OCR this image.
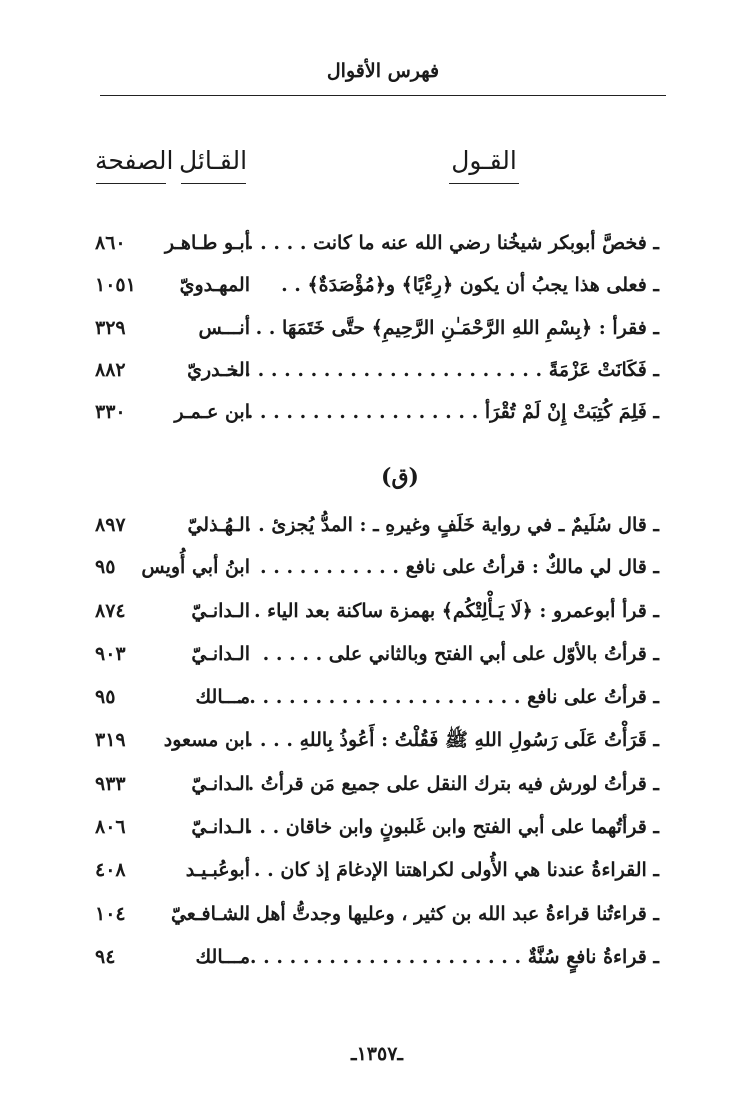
فهرس الأقوال
القـول
القـائل
الصفحة
ـ فخصَّ أبوبكر شيخُنا رضي الله عنه ما كانت . . . . .
أبـو طـاهـر
٨٦٠
ـ فعلى هذا يجبُ أن يكون ﴿رِءْيًا﴾ و﴿مُؤْصَدَةٌ﴾ . .
المهـدويّ
١٠٥١
ـ فقرأ : ﴿بِسْمِ اللهِ الرَّحْمَـٰنِ الرَّحِيمِ﴾ حتَّى خَتَمَهَا . .
أنـــس
٣٢٩
ـ فَكَانَتْ عَزْمَةً . . . . . . . . . . . . . . . . . . . . . . . .
الخـدريّ
٨٨٢
ـ فَلِمَ كُتِبَتْ إِنْ لَمْ تُقْرَأ . . . . . . . . . . . . . . . . . .
ابن عـمـر
٣٣٠
(ق)
ـ قال سُلَيمٌ ـ في رواية خَلَفٍ وغيرهِ ـ : المدُّ يُجزئ . .
الـهُـذليّ
٨٩٧
ـ قال لي مالكٌ : قرأتُ على نافع . . . . . . . . . . .
ابنُ أبي أُويس
٩٥
ـ قرأ أبوعمرو : ﴿لَا يَـأْلِتْكُم﴾ بهمزة ساكنة بعد الياء .
الـدانـيّ
٨٧٤
ـ قرأتُ بالأوّل على أبي الفتح وبالثاني على . . . . .
الـدانـيّ
٩٠٣
ـ قرأتُ على نافع . . . . . . . . . . . . . . . . . . . . . .
مـــالك
٩٥
ـ قَرَأْتُ عَلَى رَسُولِ اللهِ ﷺ فَقُلْتُ : أَعُوذُ بِاللهِ . . . . .
ابن مسعود
٣١٩
ـ قرأتُ لورش فيه بترك النقل على جميع مَن قرأتُ . .
الـدانـيّ
٩٣٣
ـ قرأتُهما على أبي الفتح وابن غَلبونٍ وابن خاقان . . .
الـدانـيّ
٨٠٦
ـ القراءةُ عندنا هي الأُولى لكراهتنا الإدغامَ إذ كان . .
أبوعُبـيـد
٤٠٨
ـ قراءتُنا قراءةُ عبد الله بن كثير ، وعليها وجدتُّ أهل . .
الشـافـعيّ
١٠٤
ـ قراءةُ نافعٍ سُنَّةٌ . . . . . . . . . . . . . . . . . . . . .
مـــالك
٩٤
ـ١٣٥٧ـ
